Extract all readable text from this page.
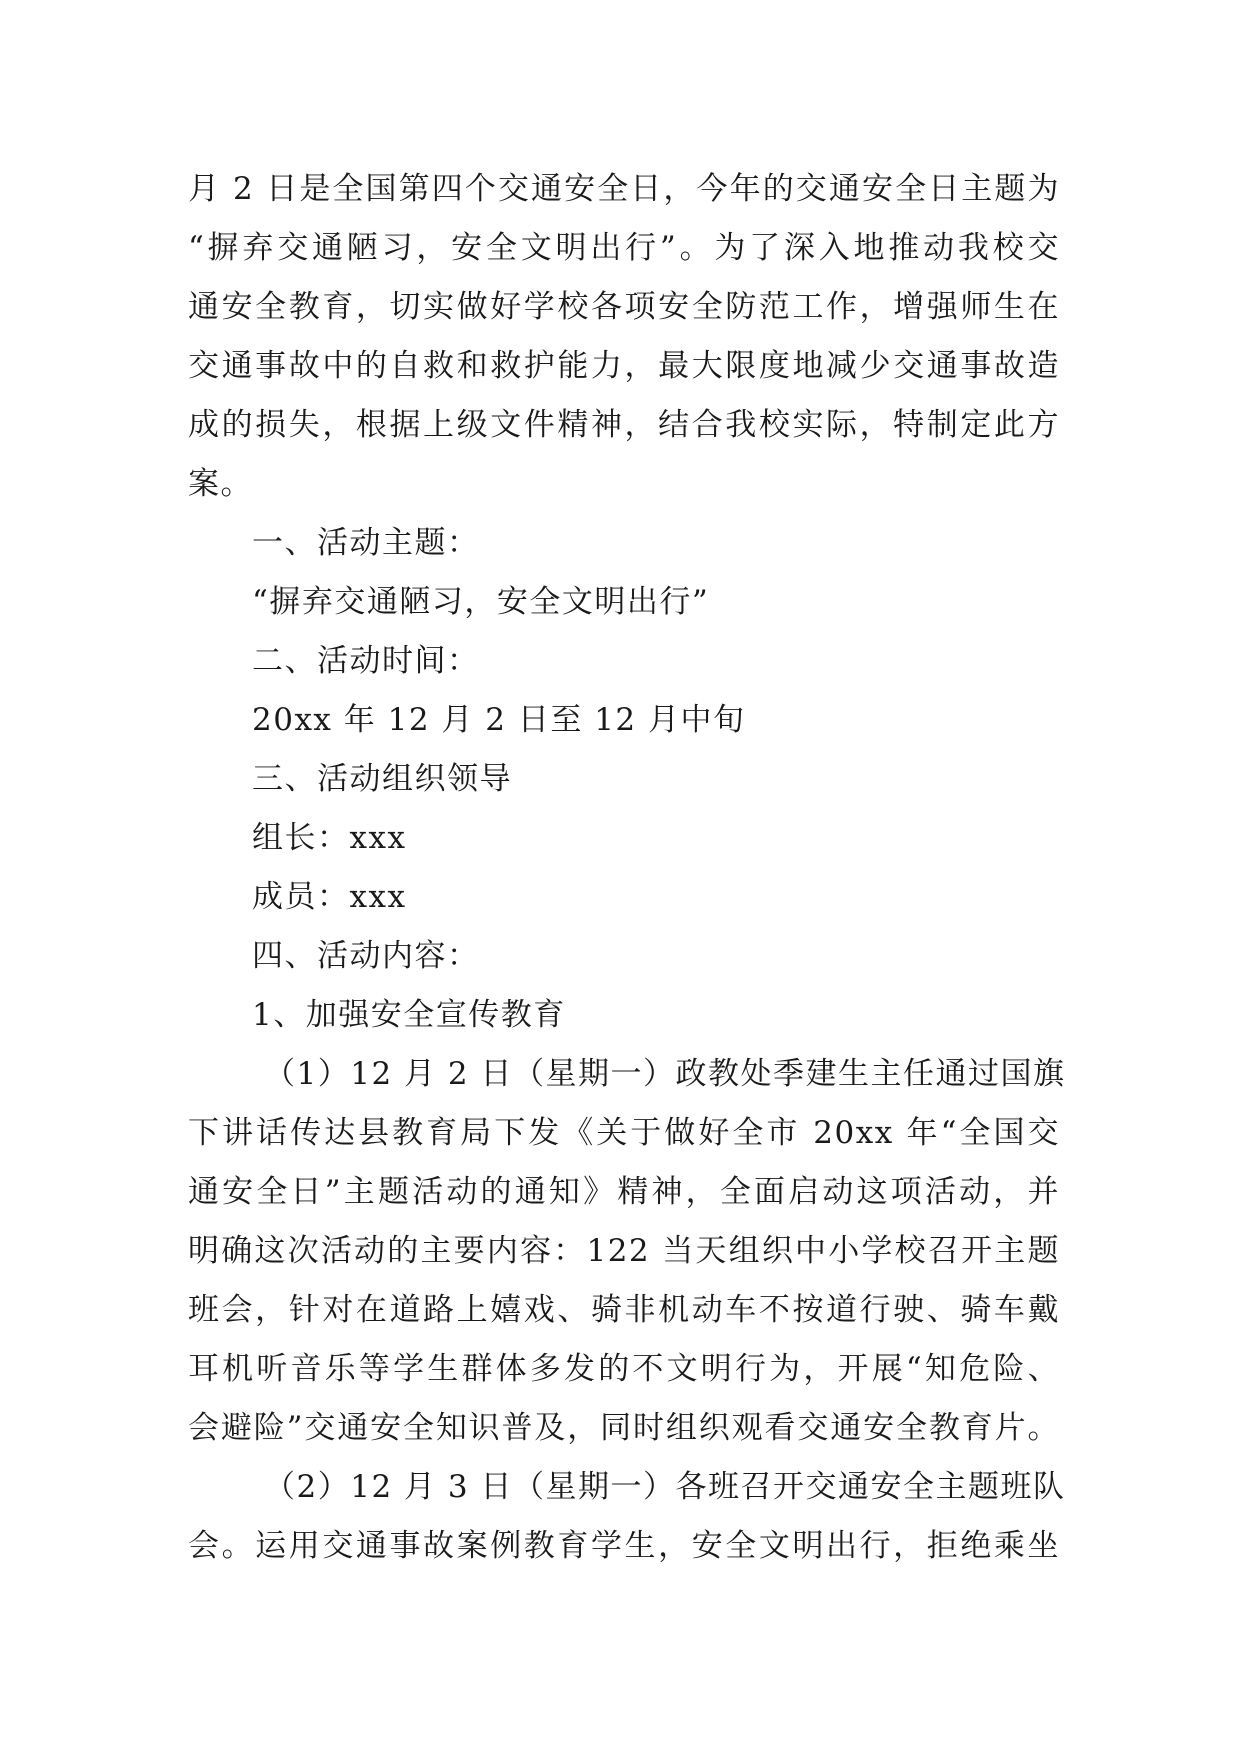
月 2 日是全国第四个交通安全日，今年的交通安全日主题为

“摒弃交通陋习，安全文明出行”。为了深入地推动我校交

通安全教育，切实做好学校各项安全防范工作，增强师生在

交通事故中的自救和救护能力，最大限度地减少交通事故造

成的损失，根据上级文件精神，结合我校实际，特制定此方

案。

一、活动主题：

“摒弃交通陋习，安全文明出行”

二、活动时间：

20xx 年 12 月 2 日至 12 月中旬

三、活动组织领导

组长：xxx

成员：xxx

四、活动内容：

1、加强安全宣传教育

（1）12 月 2 日（星期一）政教处季建生主任通过国旗

下讲话传达县教育局下发《关于做好全市 20xx 年“全国交

通安全日”主题活动的通知》精神，全面启动这项活动，并

明确这次活动的主要内容：122 当天组织中小学校召开主题

班会，针对在道路上嬉戏、骑非机动车不按道行驶、骑车戴

耳机听音乐等学生群体多发的不文明行为，开展“知危险、

会避险”交通安全知识普及，同时组织观看交通安全教育片。

（2）12 月 3 日（星期一）各班召开交通安全主题班队

会。运用交通事故案例教育学生，安全文明出行，拒绝乘坐
